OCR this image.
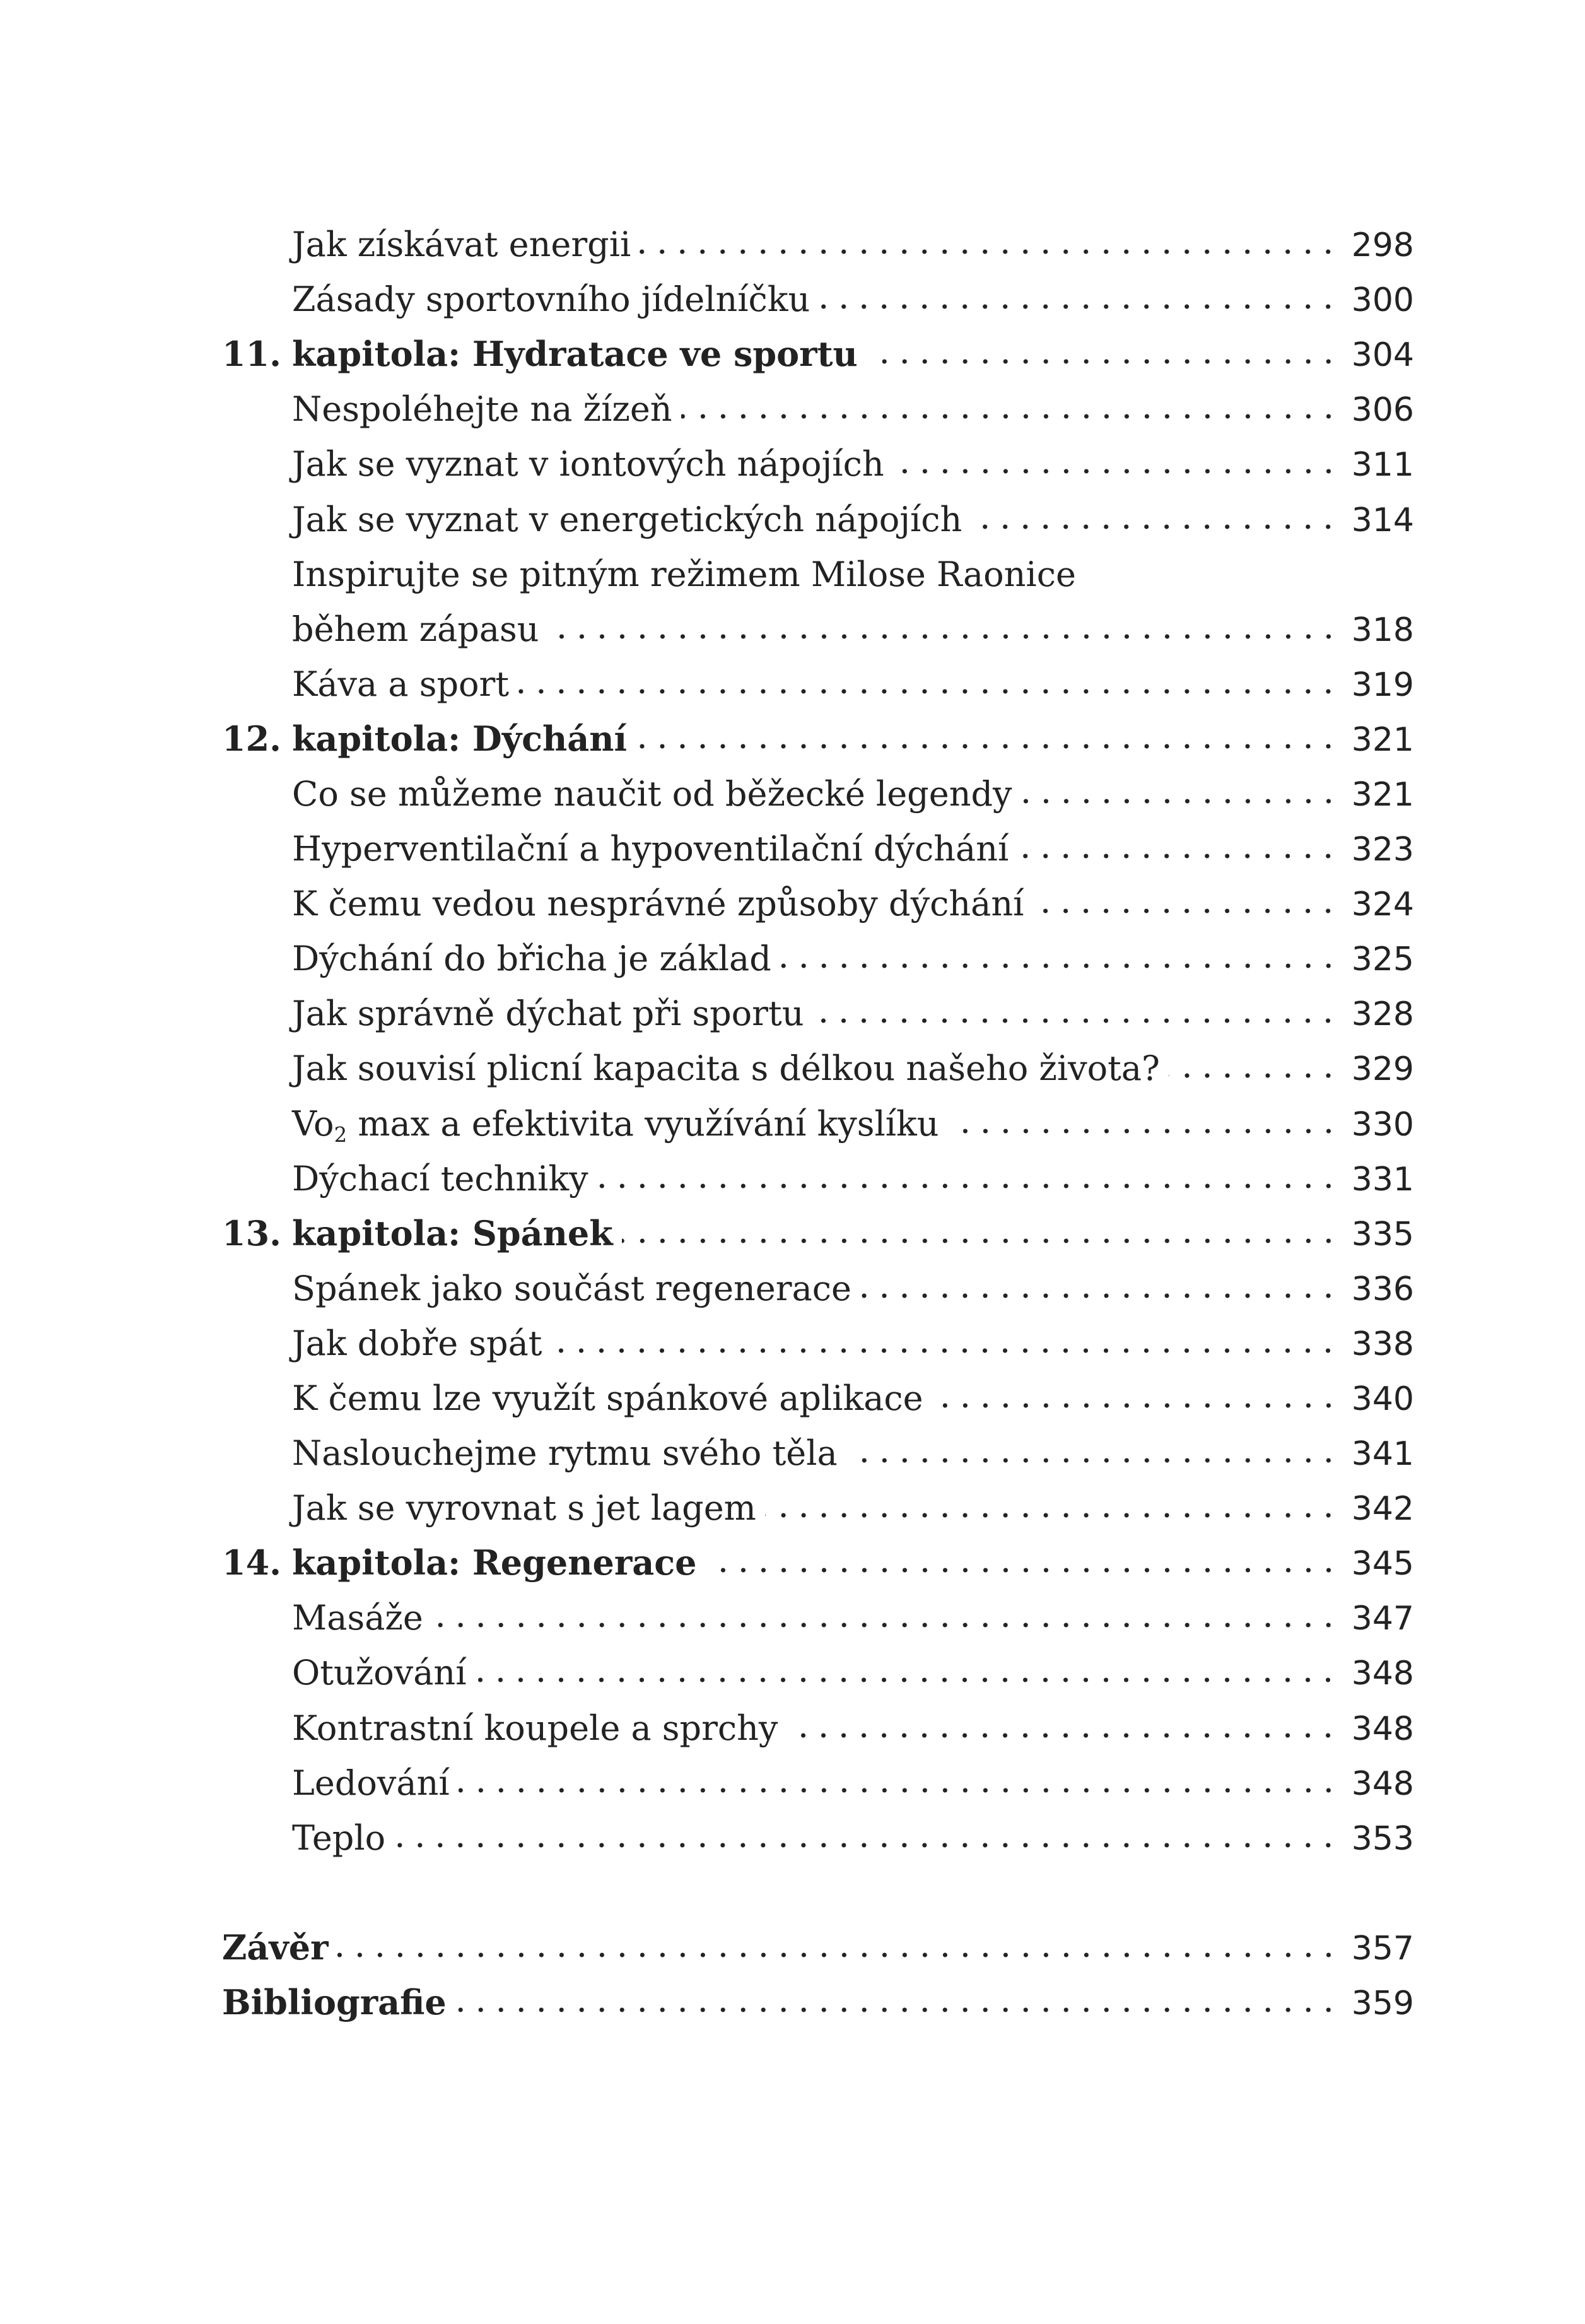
Jak získávat energii	298
Zásady sportovního jídelníčku	300
11. kapitola: Hydratace ve sportu	304
Nespoléhejte na žízeň	306
Jak se vyznat v iontových nápojích	311
Jak se vyznat v energetických nápojích	314
Inspirujte se pitným režimem Milose Raonice
během zápasu	318
Káva a sport	319
12. kapitola: Dýchání	321
Co se můžeme naučit od běžecké legendy	321
Hyperventilační a hypoventilační dýchání	323
K čemu vedou nesprávné způsoby dýchání	324
Dýchání do břicha je základ	325
Jak správně dýchat při sportu	328
Jak souvisí plicní kapacita s délkou našeho života?	329
$Vo_2$ max a efektivita využívání kyslíku	330
Dýchací techniky	331
13. kapitola: Spánek	335
Spánek jako součást regenerace	336
Jak dobře spát	338
K čemu lze využít spánkové aplikace	340
Naslouchejme rytmu svého těla	341
Jak se vyrovnat s jet lagem	342
14. kapitola: Regenerace	345
Masáže	347
Otužování	348
Kontrastní koupele a sprchy	348
Ledování	348
Teplo	353
Závěr	357
Bibliografie	359
